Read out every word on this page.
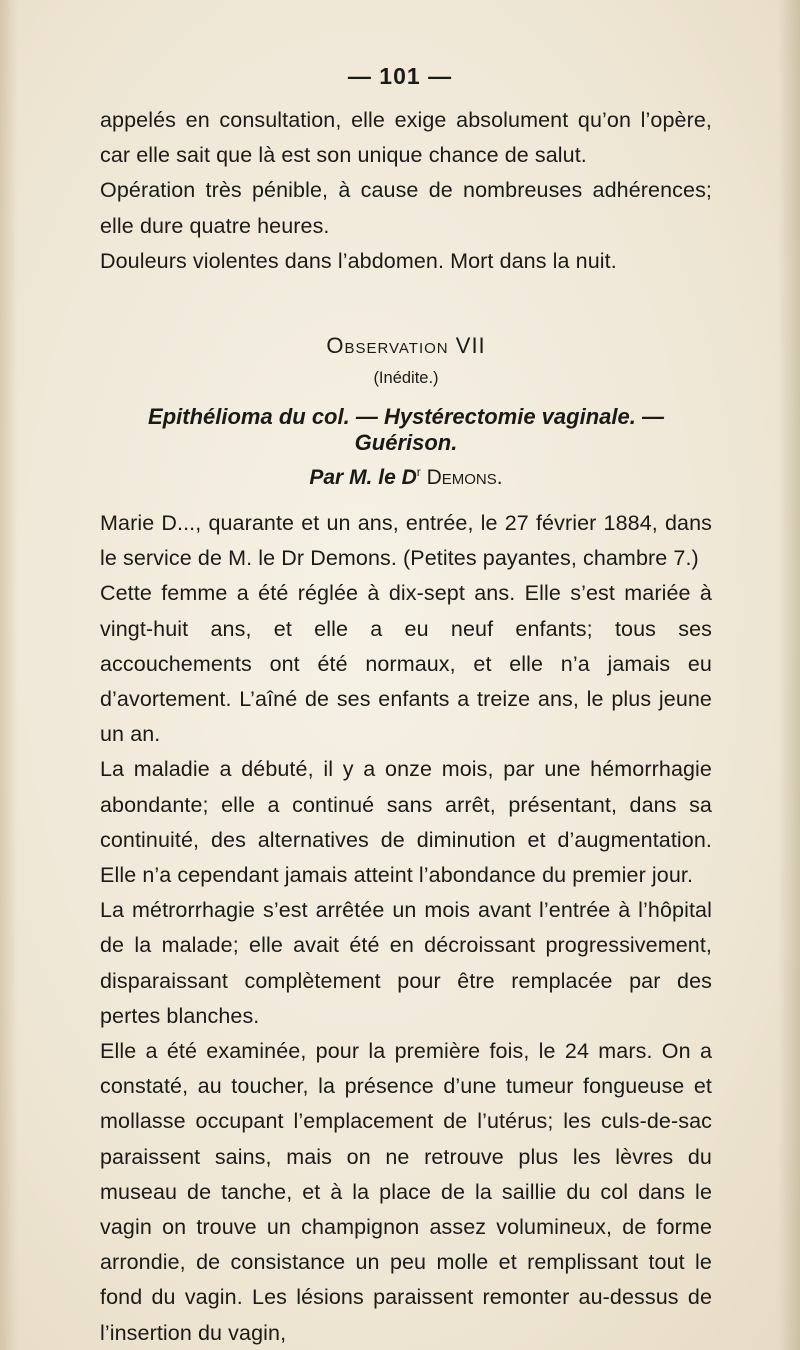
— 101 —

appelés en consultation, elle exige absolument qu’on l’opère, car elle sait que là est son unique chance de salut.

Opération très pénible, à cause de nombreuses adhérences; elle dure quatre heures.

Douleurs violentes dans l’abdomen. Mort dans la nuit.

Observation VII

(Inédite.)

Epithélioma du col. — Hystérectomie vaginale. — Guérison.

Par M. le $D^r$ Demons.

Marie D..., quarante et un ans, entrée, le 27 février 1884, dans le service de M. le Dr Demons. (Petites payantes, chambre 7.)

Cette femme a été réglée à dix-sept ans. Elle s’est mariée à vingt-huit ans, et elle a eu neuf enfants; tous ses accouchements ont été normaux, et elle n’a jamais eu d’avortement. L’aîné de ses enfants a treize ans, le plus jeune un an.

La maladie a débuté, il y a onze mois, par une hémorrhagie abondante; elle a continué sans arrêt, présentant, dans sa continuité, des alternatives de diminution et d’augmentation. Elle n’a cependant jamais atteint l’abondance du premier jour.

La métrorrhagie s’est arrêtée un mois avant l’entrée à l’hôpital de la malade; elle avait été en décroissant progressivement, disparaissant complètement pour être remplacée par des pertes blanches.

Elle a été examinée, pour la première fois, le 24 mars. On a constaté, au toucher, la présence d’une tumeur fongueuse et mollasse occupant l’emplacement de l’utérus; les culs-de-sac paraissent sains, mais on ne retrouve plus les lèvres du museau de tanche, et à la place de la saillie du col dans le vagin on trouve un champignon assez volumineux, de forme arrondie, de consistance un peu molle et remplissant tout le fond du vagin. Les lésions paraissent remonter au-dessus de l’insertion du vagin,
